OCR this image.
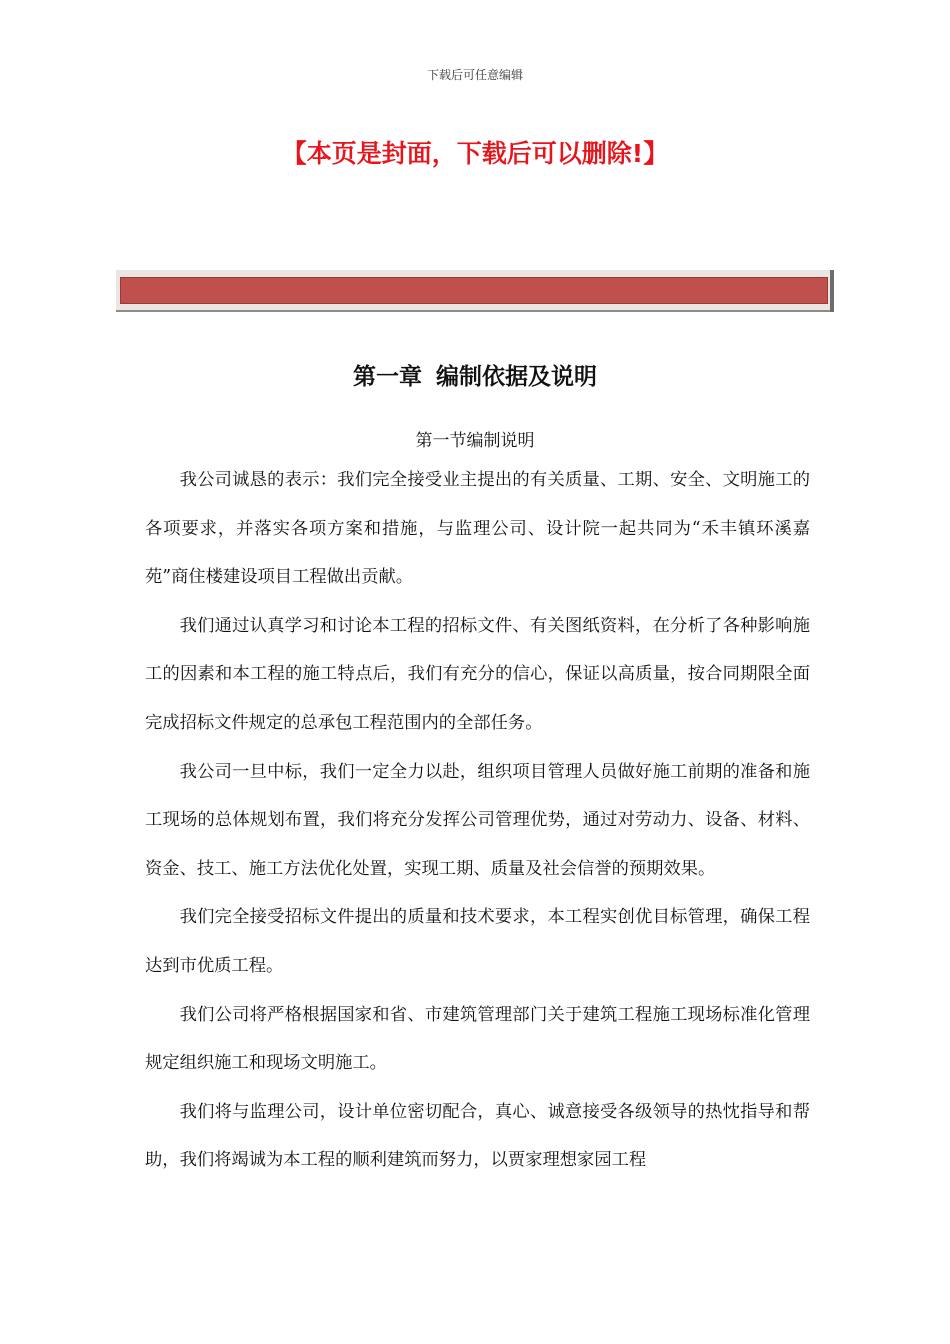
下载后可任意编辑
【本页是封面，下载后可以删除!】
第一章 编制依据及说明
第一节编制说明

我公司诚恳的表示：我们完全接受业主提出的有关质量、工期、安全、文明施工的各项要求，并落实各项方案和措施，与监理公司、设计院一起共同为“禾丰镇环溪嘉苑”商住楼建设项目工程做出贡献。

我们通过认真学习和讨论本工程的招标文件、有关图纸资料，在分析了各种影响施工的因素和本工程的施工特点后，我们有充分的信心，保证以高质量，按合同期限全面完成招标文件规定的总承包工程范围内的全部任务。

我公司一旦中标，我们一定全力以赴，组织项目管理人员做好施工前期的准备和施工现场的总体规划布置，我们将充分发挥公司管理优势，通过对劳动力、设备、材料、资金、技工、施工方法优化处置，实现工期、质量及社会信誉的预期效果。

我们完全接受招标文件提出的质量和技术要求，本工程实创优目标管理，确保工程达到市优质工程。

我们公司将严格根据国家和省、市建筑管理部门关于建筑工程施工现场标准化管理规定组织施工和现场文明施工。

我们将与监理公司，设计单位密切配合，真心、诚意接受各级领导的热忱指导和帮助，我们将竭诚为本工程的顺利建筑而努力，以贾家理想家园工程
